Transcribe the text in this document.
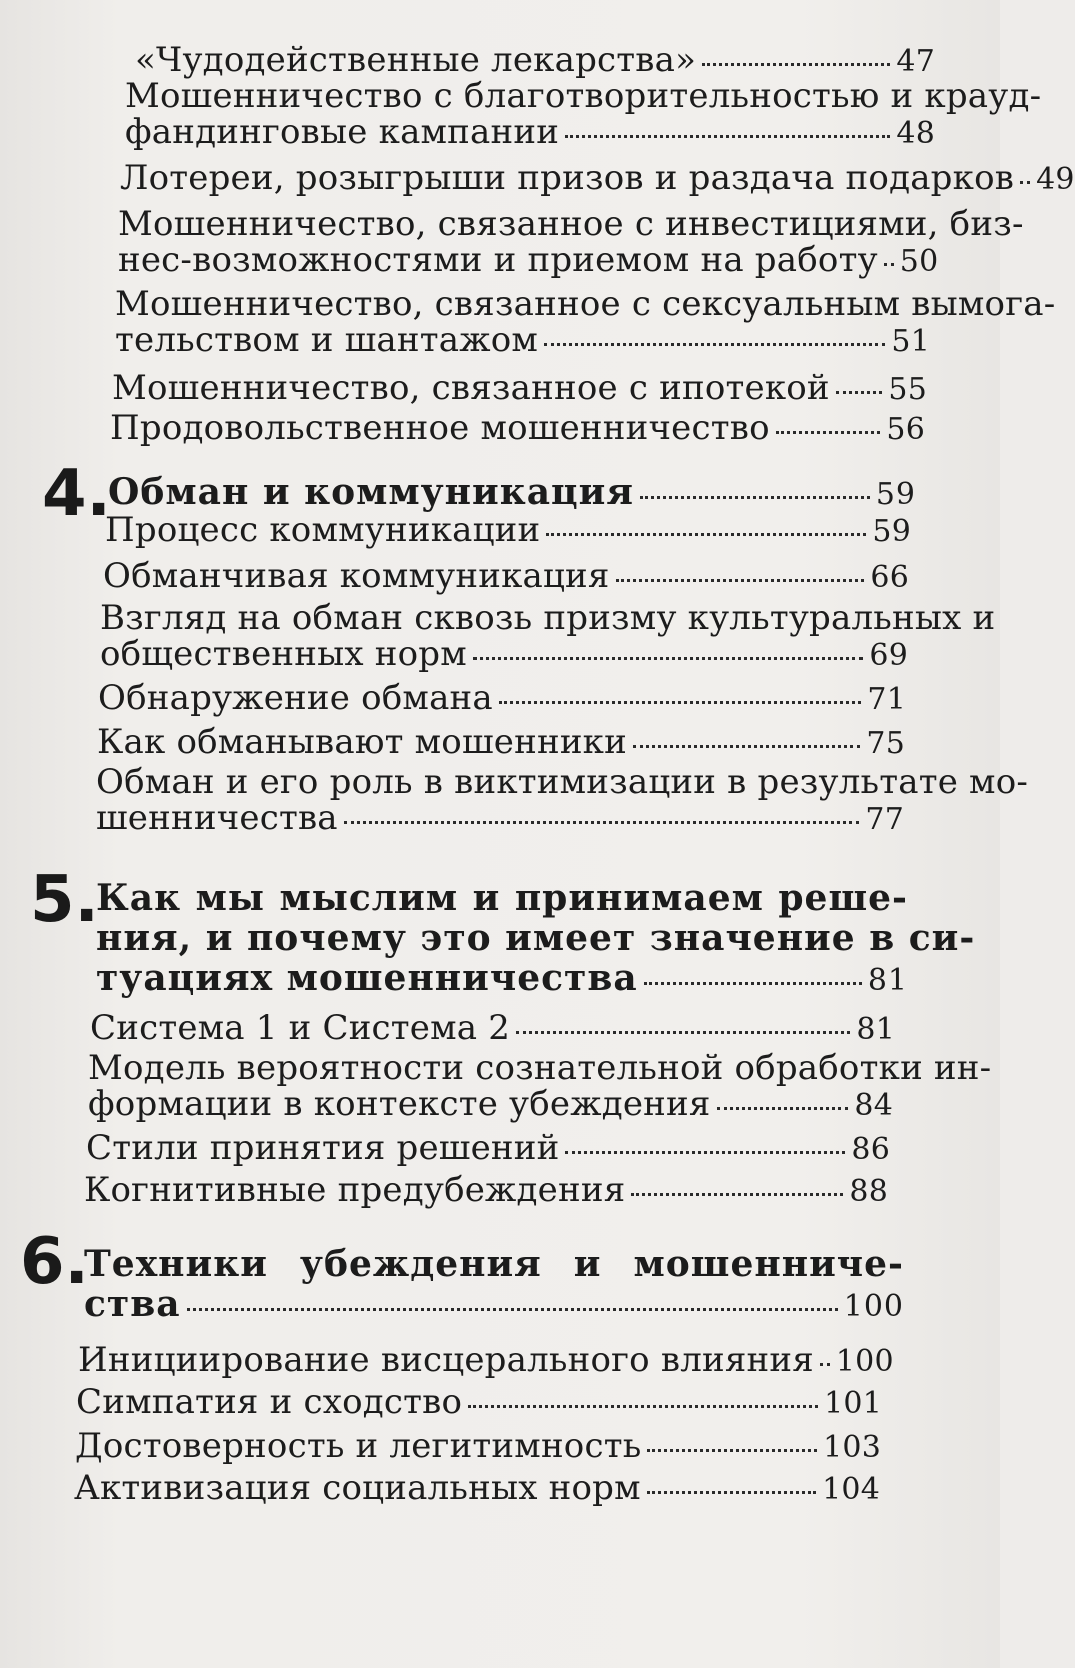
«Чудодейственные лекарства»	47
Мошенничество с благотворительностью и крауд-
фандинговые кампании	48
Лотереи, розыгрыши призов и раздача подарков 49
Мошенничество, связанное с инвестициями, биз-
нес-возможностями и приемом на работу 50
Мошенничество, связанное с сексуальным вымога-
тельством и шантажом	51
Мошенничество, связанное с ипотекой 55
Продовольственное мошенничество	56
4.
Обман и коммуникация	59
Процесс коммуникации	59
Обманчивая коммуникация	66
Взгляд на обман сквозь призму культуральных и
общественных норм	69
Обнаружение обмана	71
Как обманывают мошенники	75
Обман и его роль в виктимизации в результате мо-
шенничества	77
5.
Как мы мыслим и принимаем реше-
ния, и почему это имеет значение в си-
туациях мошенничества	81
Система 1 и Система 2	81
Модель вероятности сознательной обработки ин-
формации в контексте убеждения	84
Стили принятия решений	86
Когнитивные предубеждения	88
6.
Техники убеждения и мошенниче-
ства	100
Инициирование висцерального влияния 100
Симпатия и сходство	101
Достоверность и легитимность	103
Активизация социальных норм	104
